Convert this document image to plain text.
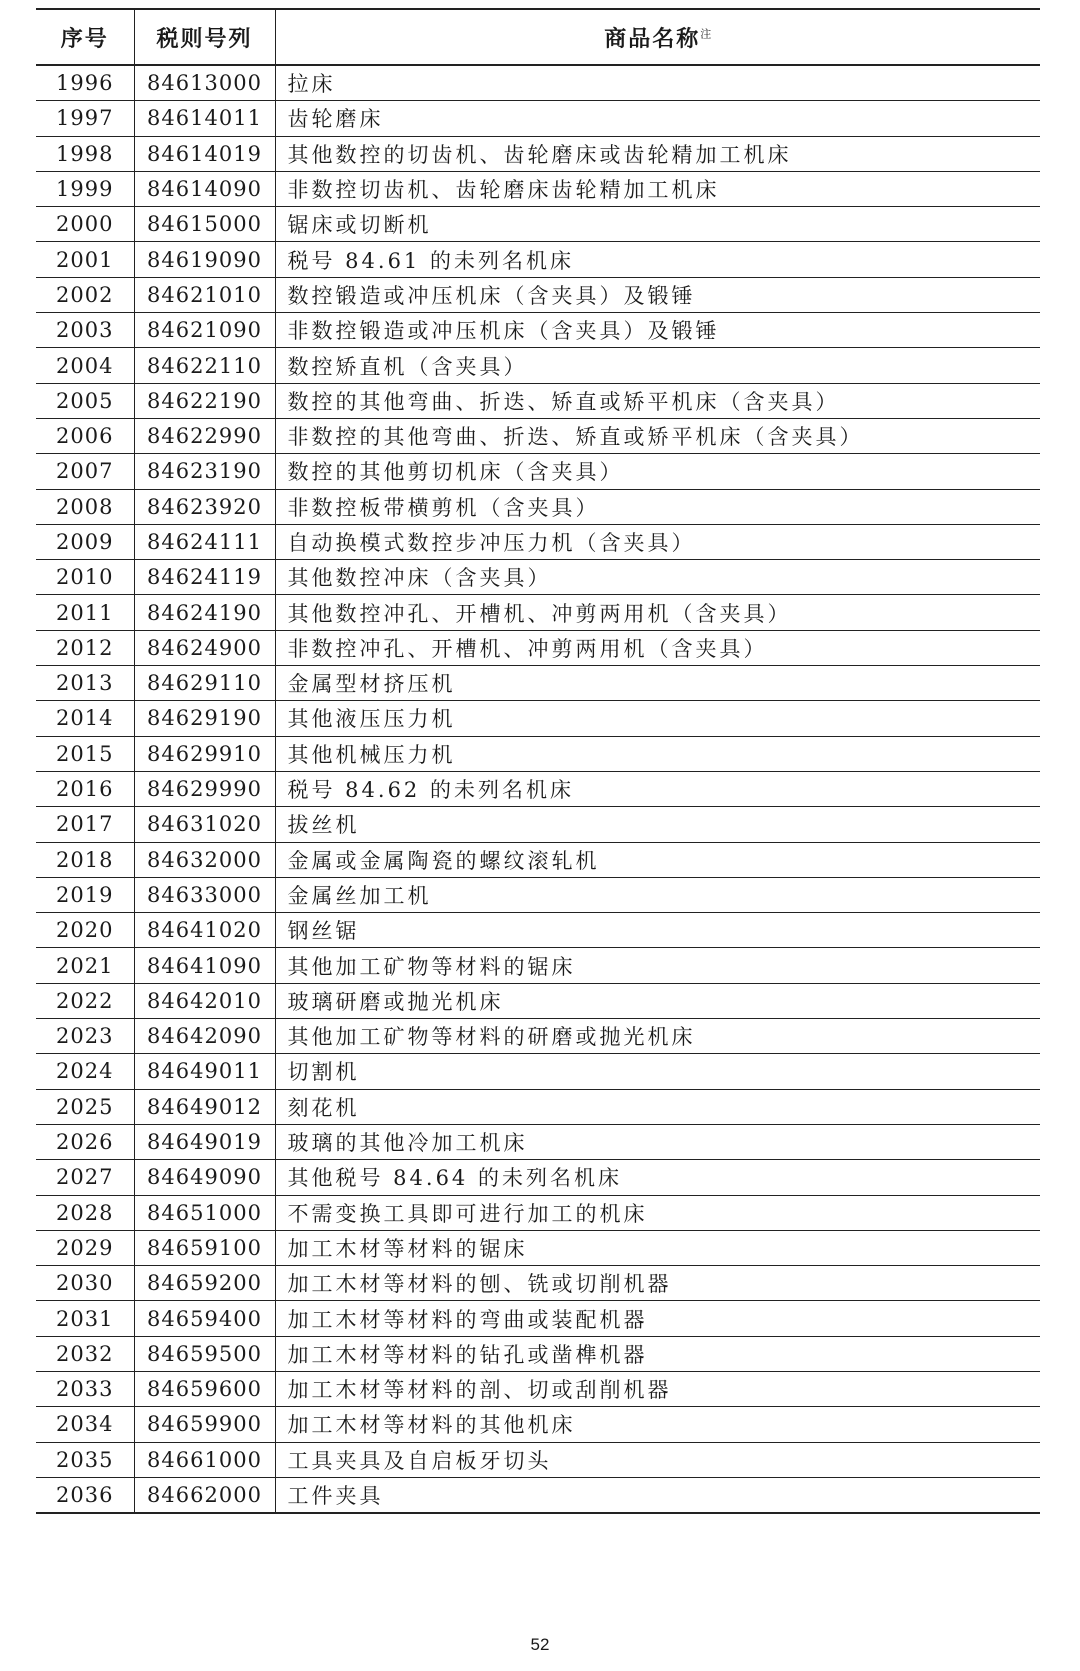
序号	税则号列	商品名称$^注$
1996	84613000	拉床
1997	84614011	齿轮磨床
1998	84614019	其他数控的切齿机、齿轮磨床或齿轮精加工机床
1999	84614090	非数控切齿机、齿轮磨床齿轮精加工机床
2000	84615000	锯床或切断机
2001	84619090	税号 84.61 的未列名机床
2002	84621010	数控锻造或冲压机床（含夹具）及锻锤
2003	84621090	非数控锻造或冲压机床（含夹具）及锻锤
2004	84622110	数控矫直机（含夹具）
2005	84622190	数控的其他弯曲、折迭、矫直或矫平机床（含夹具）
2006	84622990	非数控的其他弯曲、折迭、矫直或矫平机床（含夹具）
2007	84623190	数控的其他剪切机床（含夹具）
2008	84623920	非数控板带横剪机（含夹具）
2009	84624111	自动换模式数控步冲压力机（含夹具）
2010	84624119	其他数控冲床（含夹具）
2011	84624190	其他数控冲孔、开槽机、冲剪两用机（含夹具）
2012	84624900	非数控冲孔、开槽机、冲剪两用机（含夹具）
2013	84629110	金属型材挤压机
2014	84629190	其他液压压力机
2015	84629910	其他机械压力机
2016	84629990	税号 84.62 的未列名机床
2017	84631020	拔丝机
2018	84632000	金属或金属陶瓷的螺纹滚轧机
2019	84633000	金属丝加工机
2020	84641020	钢丝锯
2021	84641090	其他加工矿物等材料的锯床
2022	84642010	玻璃研磨或抛光机床
2023	84642090	其他加工矿物等材料的研磨或抛光机床
2024	84649011	切割机
2025	84649012	刻花机
2026	84649019	玻璃的其他冷加工机床
2027	84649090	其他税号 84.64 的未列名机床
2028	84651000	不需变换工具即可进行加工的机床
2029	84659100	加工木材等材料的锯床
2030	84659200	加工木材等材料的刨、铣或切削机器
2031	84659400	加工木材等材料的弯曲或装配机器
2032	84659500	加工木材等材料的钻孔或凿榫机器
2033	84659600	加工木材等材料的剖、切或刮削机器
2034	84659900	加工木材等材料的其他机床
2035	84661000	工具夹具及自启板牙切头
2036	84662000	工件夹具
52
